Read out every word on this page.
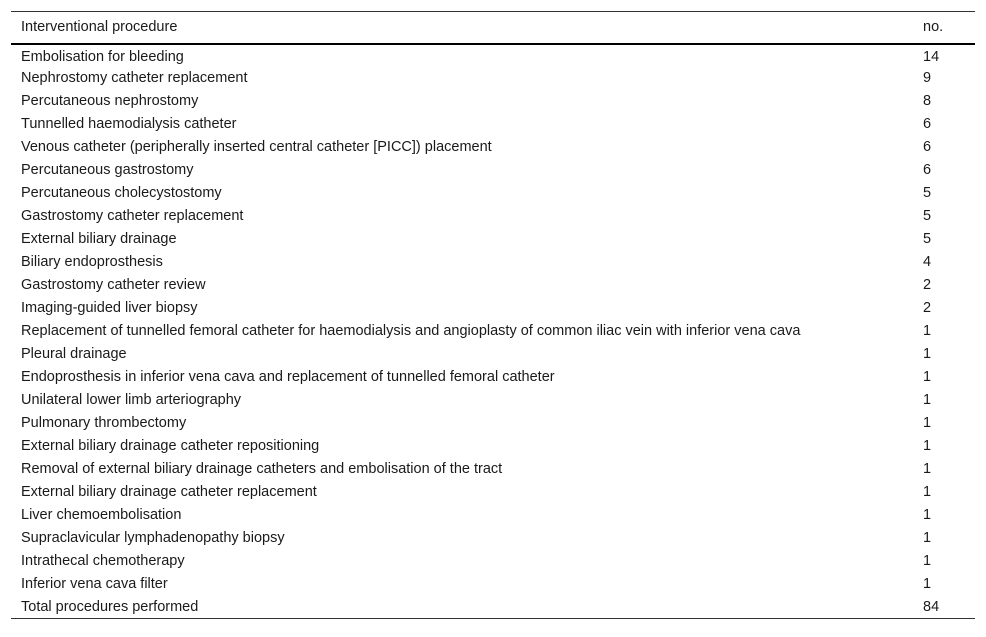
Interventional procedure	no.
Embolisation for bleeding	14
Nephrostomy catheter replacement	9
Percutaneous nephrostomy	8
Tunnelled haemodialysis catheter	6
Venous catheter (peripherally inserted central catheter [PICC]) placement	6
Percutaneous gastrostomy	6
Percutaneous cholecystostomy	5
Gastrostomy catheter replacement	5
External biliary drainage	5
Biliary endoprosthesis	4
Gastrostomy catheter review	2
Imaging-guided liver biopsy	2
Replacement of tunnelled femoral catheter for haemodialysis and angioplasty of common iliac vein with inferior vena cava	1
Pleural drainage	1
Endoprosthesis in inferior vena cava and replacement of tunnelled femoral catheter	1
Unilateral lower limb arteriography	1
Pulmonary thrombectomy	1
External biliary drainage catheter repositioning	1
Removal of external biliary drainage catheters and embolisation of the tract	1
External biliary drainage catheter replacement	1
Liver chemoembolisation	1
Supraclavicular lymphadenopathy biopsy	1
Intrathecal chemotherapy	1
Inferior vena cava filter	1
Total procedures performed	84
